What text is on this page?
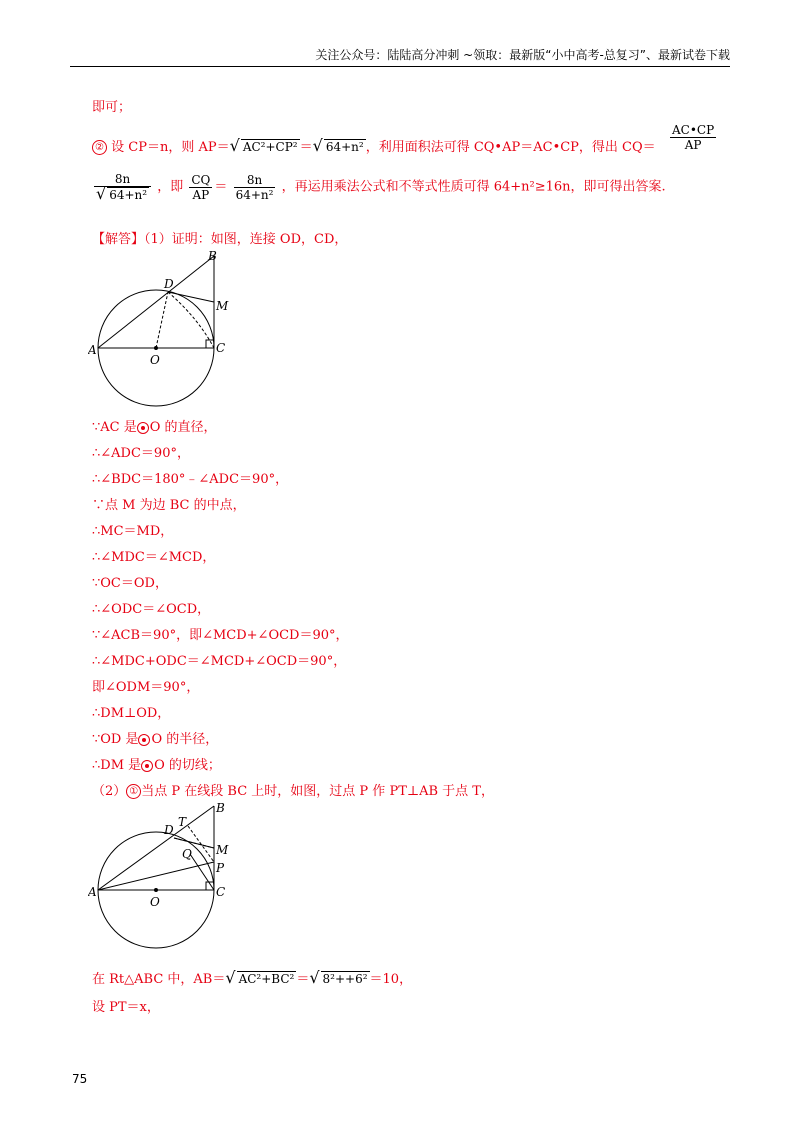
关注公众号：陆陆高分冲刺 ~领取：最新版“小中高考-总复习”、最新试卷下载
即可；
② 设 CP＝n，则 AP＝√ AC²+CP² ＝√ 64+n² ，利用面积法可得 CQ•AP＝AC•CP，得出 $CQ= \frac{AC•CP}{AP}$
$\frac{8n}{\text{√ 64+n²}}$ ，即 $\frac{CQ}{AP} = \frac{8n}{\text{64+n²}}$ ，再运用乘法公式和不等式性质可得 64+n²≥16n，即可得出答案.
【解答】（1）证明：如图，连接 OD，CD，
A
B
C
D
M
O
∵AC 是 O 的直径，
∴∠ADC＝90°，
∴∠BDC＝180°﹣∠ADC＝90°，
∵点 M 为边 BC 的中点，
∴MC＝MD，
∴∠MDC＝∠MCD，
∵OC＝OD，
∴∠ODC＝∠OCD，
∵∠ACB＝90°，即∠MCD+∠OCD＝90°，
∴∠MDC+ODC＝∠MCD+∠OCD＝90°，
即∠ODM＝90°，
∴DM⊥OD，
∵OD 是 O 的半径，
∴DM 是 O 的切线；
（2） ① 当点 P 在线段 BC 上时，如图，过点 P 作 PT⊥AB 于点 T，
A
B
C
D
M
O
T
Q
P
在 Rt△ABC 中，AB＝√ AC²+BC² ＝√ 8²++6² ＝10，
设 PT＝x，
75
